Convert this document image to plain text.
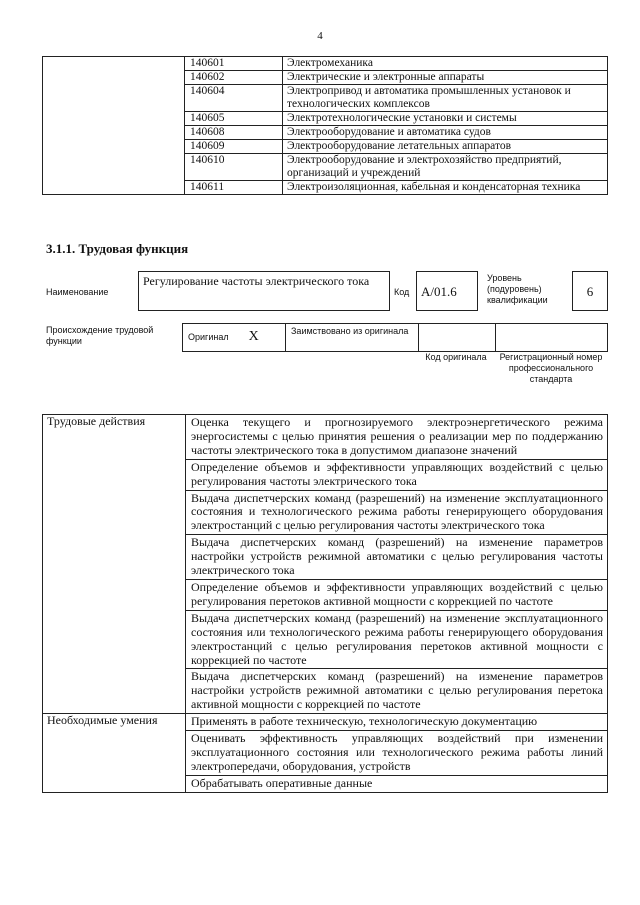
4
	140601	Электромеханика
	140602	Электрические и электронные аппараты
	140604	Электропривод и автоматика промышленных установок и технологических комплексов
	140605	Электротехнологические установки и системы
	140608	Электрооборудование и автоматика судов
	140609	Электрооборудование летательных аппаратов
	140610	Электрооборудование и электрохозяйство предприятий, организаций и учреждений
	140611	Электроизоляционная, кабельная и конденсаторная техника
3.1.1. Трудовая функция
Наименование
Регулирование частоты электрического тока
Код A/01.6
Уровень (подуровень) квалификации
6
Происхождение трудовой функции	Оригинал X	Заимствовано из оригинала		
Код оригинала	Регистрационный номер профессионального стандарта
Трудовые действия	Оценка текущего и прогнозируемого электроэнергетического режима энергосистемы с целью принятия решения о реализации мер по поддержанию частоты электрического тока в допустимом диапазоне значений
	Определение объемов и эффективности управляющих воздействий с целью регулирования частоты электрического тока
	Выдача диспетчерских команд (разрешений) на изменение эксплуатационного состояния и технологического режима работы генерирующего оборудования электростанций с целью регулирования частоты электрического тока
	Выдача диспетчерских команд (разрешений) на изменение параметров настройки устройств режимной автоматики с целью регулирования частоты электрического тока
	Определение объемов и эффективности управляющих воздействий с целью регулирования перетоков активной мощности с коррекцией по частоте
	Выдача диспетчерских команд (разрешений) на изменение эксплуатационного состояния или технологического режима работы генерирующего оборудования электростанций с целью регулирования перетоков активной мощности с коррекцией по частоте
	Выдача диспетчерских команд (разрешений) на изменение параметров настройки устройств режимной автоматики с целью регулирования перетока активной мощности с коррекцией по частоте
Необходимые умения	Применять в работе техническую, технологическую документацию
	Оценивать эффективность управляющих воздействий при изменении эксплуатационного состояния или технологического режима работы линий электропередачи, оборудования, устройств
	Обрабатывать оперативные данные
